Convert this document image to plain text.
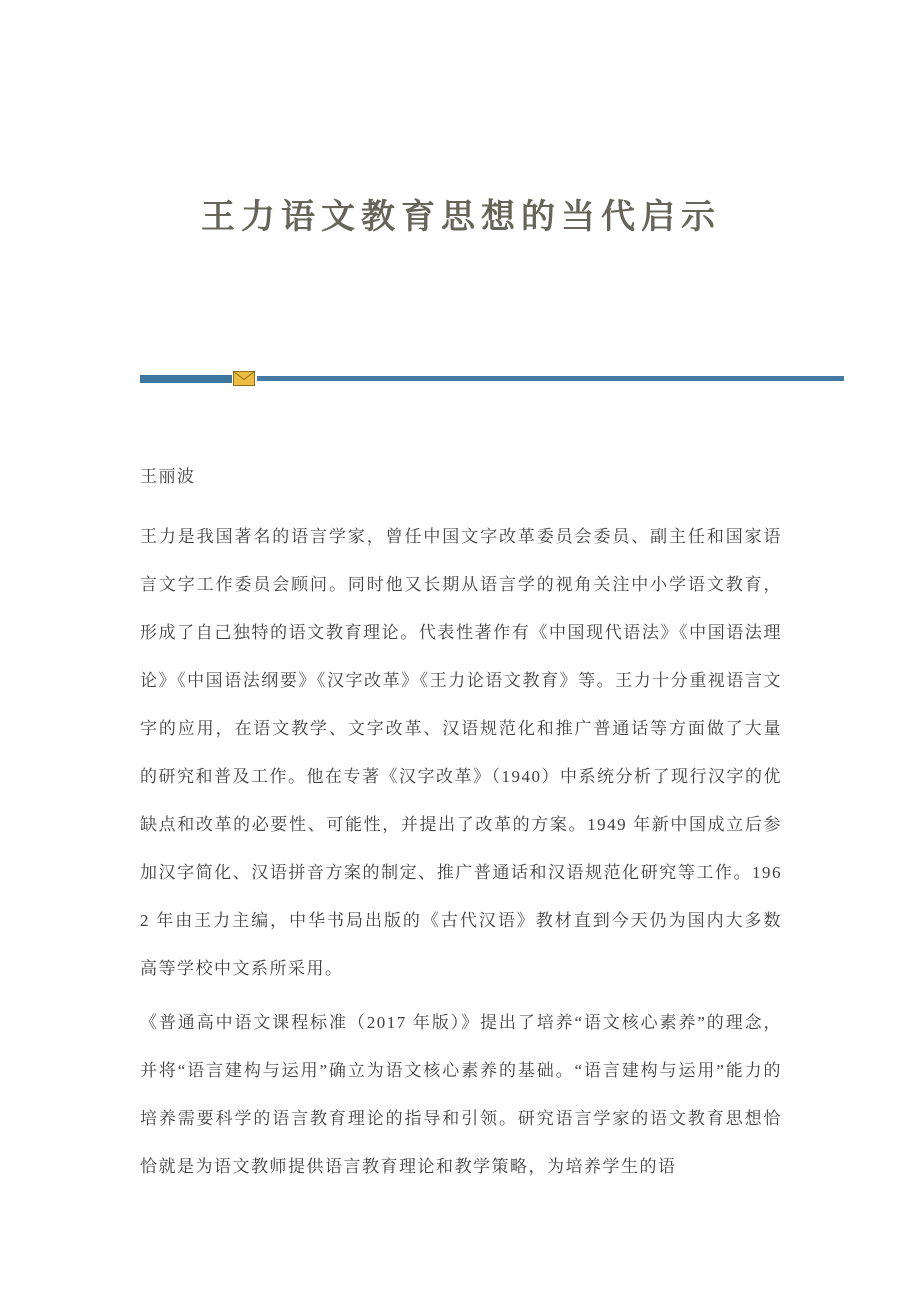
王力语文教育思想的当代启示
王丽波

王力是我国著名的语言学家，曾任中国文字改革委员会委员、副主任和国家语言文字工作委员会顾问。同时他又长期从语言学的视角关注中小学语文教育，形成了自己独特的语文教育理论。代表性著作有《中国现代语法》《中国语法理论》《中国语法纲要》《汉字改革》《王力论语文教育》等。王力十分重视语言文字的应用，在语文教学、文字改革、汉语规范化和推广普通话等方面做了大量的研究和普及工作。他在专著《汉字改革》（1940）中系统分析了现行汉字的优缺点和改革的必要性、可能性，并提出了改革的方案。1949 年新中国成立后参加汉字简化、汉语拼音方案的制定、推广普通话和汉语规范化研究等工作。1962 年由王力主编，中华书局出版的《古代汉语》教材直到今天仍为国内大多数高等学校中文系所采用。

《普通高中语文课程标准（2017 年版）》提出了培养“语文核心素养”的理念，并将“语言建构与运用”确立为语文核心素养的基础。“语言建构与运用”能力的培养需要科学的语言教育理论的指导和引领。研究语言学家的语文教育思想恰恰就是为语文教师提供语言教育理论和教学策略，为培养学生的语
